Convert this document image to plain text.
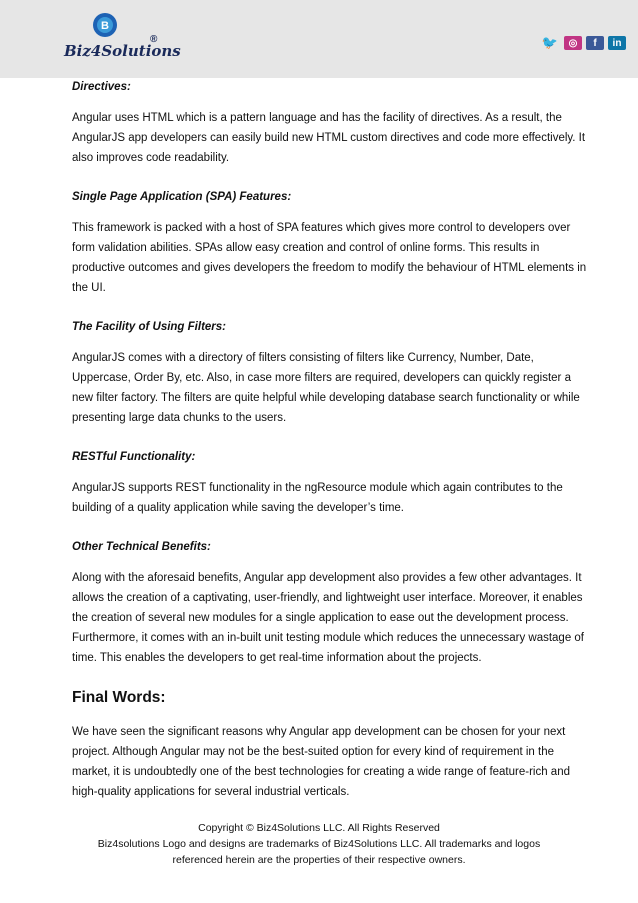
B
Biz4Solutions
®	🐦	◎	f	in

Directives:

Angular uses HTML which is a pattern language and has the facility of directives. As a result, the AngularJS app developers can easily build new HTML custom directives and code more effectively. It also improves code readability.

Single Page Application (SPA) Features:

This framework is packed with a host of SPA features which gives more control to developers over form validation abilities. SPAs allow easy creation and control of online forms. This results in productive outcomes and gives developers the freedom to modify the behaviour of HTML elements in the UI.

The Facility of Using Filters:

AngularJS comes with a directory of filters consisting of filters like Currency, Number, Date, Uppercase, Order By, etc. Also, in case more filters are required, developers can quickly register a new filter factory. The filters are quite helpful while developing database search functionality or while presenting large data chunks to the users.

RESTful Functionality:

AngularJS supports REST functionality in the ngResource module which again contributes to the building of a quality application while saving the developer’s time.

Other Technical Benefits:

Along with the aforesaid benefits, Angular app development also provides a few other advantages. It allows the creation of a captivating, user-friendly, and lightweight user interface. Moreover, it enables the creation of several new modules for a single application to ease out the development process. Furthermore, it comes with an in-built unit testing module which reduces the unnecessary wastage of time. This enables the developers to get real-time information about the projects.

Final Words:

We have seen the significant reasons why Angular app development can be chosen for your next project. Although Angular may not be the best-suited option for every kind of requirement in the market, it is undoubtedly one of the best technologies for creating a wide range of feature-rich and high-quality applications for several industrial verticals.

Copyright © Biz4Solutions LLC. All Rights Reserved
Biz4solutions Logo and designs are trademarks of Biz4Solutions LLC. All trademarks and logos
referenced herein are the properties of their respective owners.
